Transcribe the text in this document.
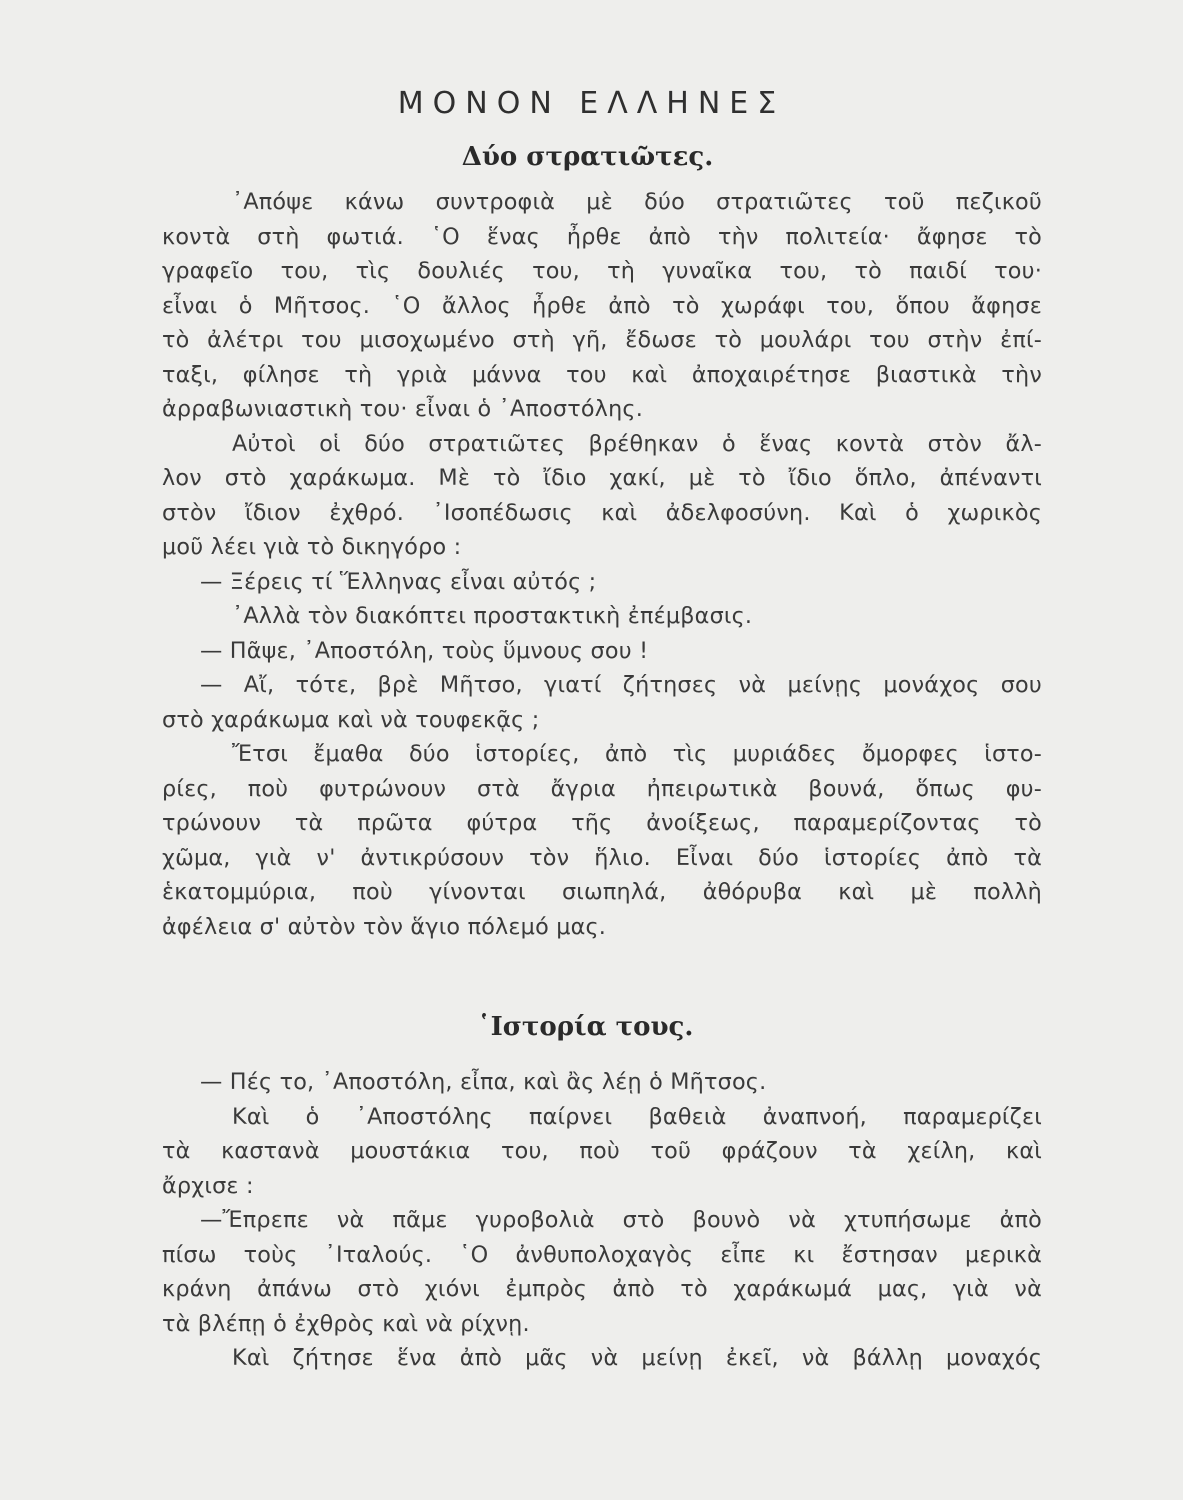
ΜΟΝΟΝ ΕΛΛΗΝΕΣ
Δύο στρατιῶτες.
᾿Απόψε κάνω συντροφιὰ μὲ δύο στρατιῶτες τοῦ πεζικοῦ
κοντὰ στὴ φωτιά. ῾Ο ἕνας ἦρθε ἀπὸ τὴν πολιτεία· ἄφησε τὸ
γραφεῖο του, τὶς δουλιές του, τὴ γυναῖκα του, τὸ παιδί του·
εἶναι ὁ Μῆτσος. ῾Ο ἄλλος ἦρθε ἀπὸ τὸ χωράφι του, ὅπου ἄφησε
τὸ ἀλέτρι του μισοχωμένο στὴ γῆ, ἔδωσε τὸ μουλάρι του στὴν ἐπί-
ταξι, φίλησε τὴ γριὰ μάννα του καὶ ἀποχαιρέτησε βιαστικὰ τὴν
ἀρραβωνιαστικὴ του· εἶναι ὁ ᾿Αποστόλης.
Αὐτοὶ οἱ δύο στρατιῶτες βρέθηκαν ὁ ἕνας κοντὰ στὸν ἄλ-
λον στὸ χαράκωμα. Μὲ τὸ ἴδιο χακί, μὲ τὸ ἴδιο ὅπλο, ἀπέναντι
στὸν ἴδιον ἐχθρό. ᾿Ισοπέδωσις καὶ ἀδελφοσύνη. Καὶ ὁ χωρικὸς
μοῦ λέει γιὰ τὸ δικηγόρο :
— Ξέρεις τί Ἕλληνας εἶναι αὐτός ;
᾿Αλλὰ τὸν διακόπτει προστακτικὴ ἐπέμβασις.
— Πᾶψε, ᾿Αποστόλη, τοὺς ὕμνους σου !
— Αἴ, τότε, βρὲ Μῆτσο, γιατί ζήτησες νὰ μείνῃς μονάχος σου
στὸ χαράκωμα καὶ νὰ τουφεκᾷς ;
Ἔτσι ἔμαθα δύο ἱστορίες, ἀπὸ τὶς μυριάδες ὄμορφες ἱστο-
ρίες, ποὺ φυτρώνουν στὰ ἄγρια ἠπειρωτικὰ βουνά, ὅπως φυ-
τρώνουν τὰ πρῶτα φύτρα τῆς ἀνοίξεως, παραμερίζοντας τὸ
χῶμα, γιὰ ν' ἀντικρύσουν τὸν ἥλιο. Εἶναι δύο ἱστορίες ἀπὸ τὰ
ἑκατομμύρια, ποὺ γίνονται σιωπηλά, ἀθόρυβα καὶ μὲ πολλὴ
ἀφέλεια σ' αὐτὸν τὸν ἅγιο πόλεμό μας.
῾Ιστορία τους.
— Πές το, ᾿Αποστόλη, εἶπα, καὶ ἂς λέῃ ὁ Μῆτσος.
Καὶ ὁ ᾿Αποστόλης παίρνει βαθειὰ ἀναπνοή, παραμερίζει
τὰ καστανὰ μουστάκια του, ποὺ τοῦ φράζουν τὰ χείλη, καὶ
ἄρχισε :
—Ἔπρεπε νὰ πᾶμε γυροβολιὰ στὸ βουνὸ νὰ χτυπήσωμε ἀπὸ
πίσω τοὺς ᾿Ιταλούς. ῾Ο ἀνθυπολοχαγὸς εἶπε κι ἔστησαν μερικὰ
κράνη ἀπάνω στὸ χιόνι ἐμπρὸς ἀπὸ τὸ χαράκωμά μας, γιὰ νὰ
τὰ βλέπῃ ὁ ἐχθρὸς καὶ νὰ ρίχνῃ.
Καὶ ζήτησε ἕνα ἀπὸ μᾶς νὰ μείνῃ ἐκεῖ, νὰ βάλλῃ μοναχός
